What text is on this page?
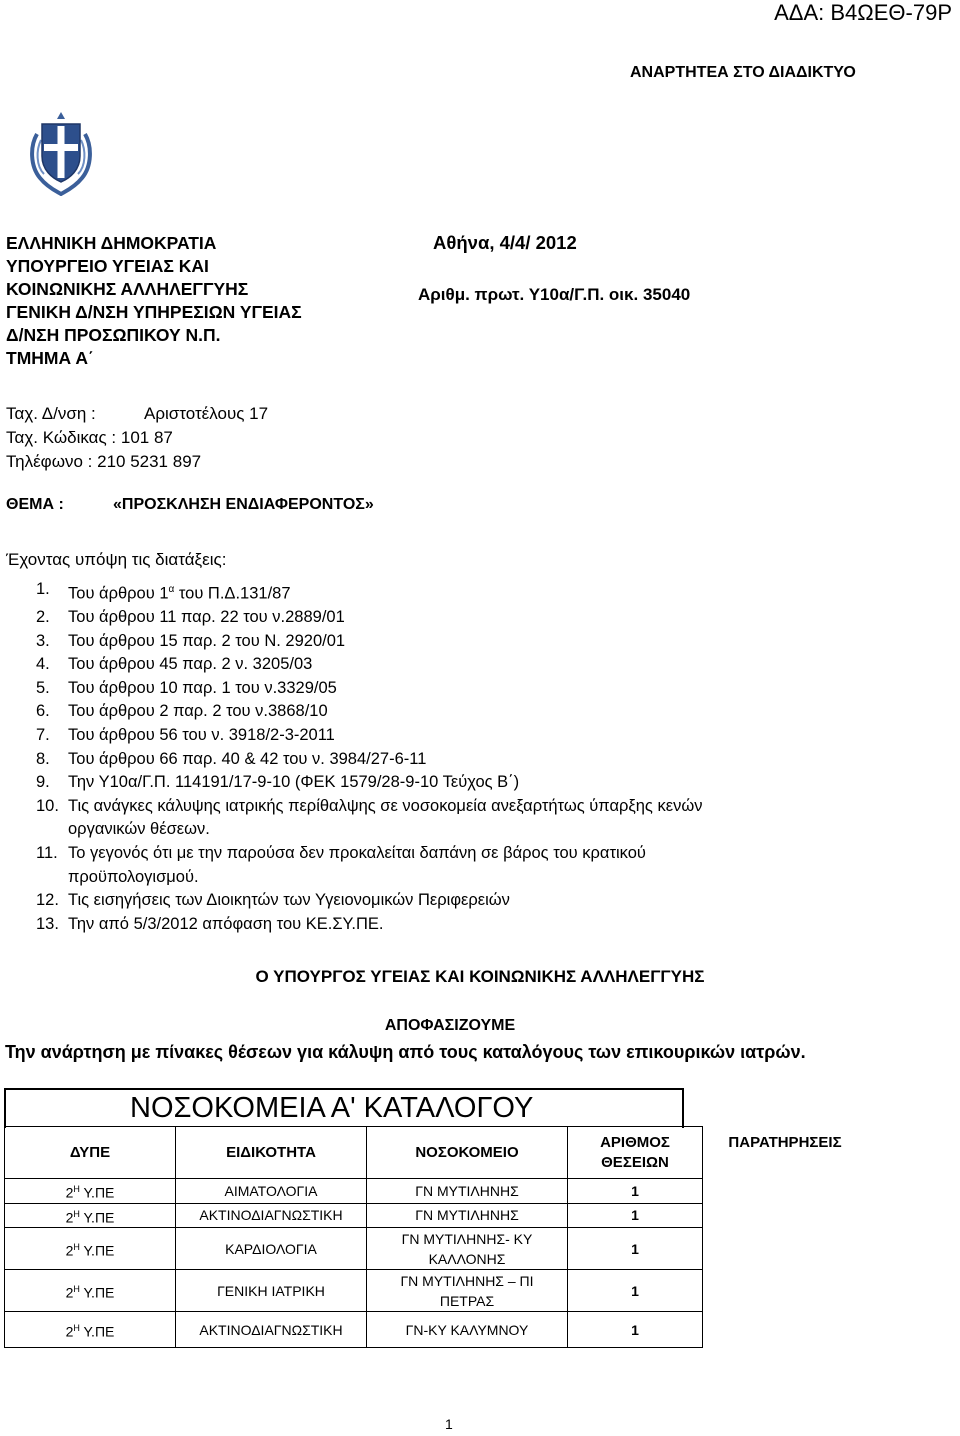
ΑΔΑ: Β4ΩΕΘ-79Ρ
ΑΝΑΡΤΗΤΕΑ ΣΤΟ ΔΙΑΔΙΚΤΥΟ
ΕΛΛΗΝΙΚΗ ΔΗΜΟΚΡΑΤΙΑ
ΥΠΟΥΡΓΕΙΟ ΥΓΕΙΑΣ ΚΑΙ
ΚΟΙΝΩΝΙΚΗΣ ΑΛΛΗΛΕΓΓΥΗΣ
ΓΕΝΙΚΗ Δ/ΝΣΗ ΥΠΗΡΕΣΙΩΝ ΥΓΕΙΑΣ
Δ/ΝΣΗ ΠΡΟΣΩΠΙΚΟΥ Ν.Π.
ΤΜΗΜΑ Α΄
Αθήνα, 4/4/ 2012
Αριθμ. πρωτ. Υ10α/Γ.Π. οικ. 35040
Ταχ. Δ/νση :	Αριστοτέλους 17
Ταχ. Κώδικας : 101 87
Τηλέφωνο : 210 5231 897
ΘΕΜΑ :	«ΠΡΟΣΚΛΗΣΗ ΕΝΔΙΑΦΕΡΟΝΤΟΣ»
Έχοντας υπόψη τις διατάξεις:
1.	Του άρθρου $1^\alpha$ του Π.Δ.131/87
2.	Του άρθρου 11 παρ. 22 του ν.2889/01
3.	Του άρθρου 15 παρ. 2 του Ν. 2920/01
4.	Του άρθρου 45 παρ. 2 ν. 3205/03
5.	Του άρθρου 10 παρ. 1 του ν.3329/05
6.	Του άρθρου 2 παρ. 2 του ν.3868/10
7.	Του άρθρου 56 του ν. 3918/2-3-2011
8.	Του άρθρου 66 παρ. 40 & 42 του ν. 3984/27-6-11
9.	Την Υ10α/Γ.Π. 114191/17-9-10 (ΦΕΚ 1579/28-9-10 Τεύχος Β΄)
10. Τις ανάγκες κάλυψης ιατρικής περίθαλψης σε νοσοκομεία ανεξαρτήτως ύπαρξης κενών
οργανικών θέσεων.
11. Το γεγονός ότι με την παρούσα δεν προκαλείται δαπάνη σε βάρος του κρατικού
προϋπολογισμού.
12. Τις εισηγήσεις των Διοικητών των Υγειονομικών Περιφερειών
13. Την από 5/3/2012 απόφαση του ΚΕ.ΣΥ.ΠΕ.
Ο ΥΠΟΥΡΓΟΣ ΥΓΕΙΑΣ ΚΑΙ ΚΟΙΝΩΝΙΚΗΣ ΑΛΛΗΛΕΓΓΥΗΣ
ΑΠΟΦΑΣΙΖΟΥΜΕ
Την ανάρτηση με πίνακες θέσεων για κάλυψη από τους καταλόγους των επικουρικών ιατρών.
ΝΟΣΟΚΟΜΕΙΑ Α' ΚΑΤΑΛΟΓΟΥ
ΔΥΠΕ	ΕΙΔΙΚΟΤΗΤΑ	ΝΟΣΟΚΟΜΕΙΟ	ΑΡΙΘΜΟΣ
ΘΕΣΕΙΩΝ	ΠΑΡΑΤΗΡΗΣΕΙΣ
$2^H$ Υ.ΠΕ	ΑΙΜΑΤΟΛΟΓΙΑ	ΓΝ ΜΥΤΙΛΗΝΗΣ	1	
$2^H$ Υ.ΠΕ	ΑΚΤΙΝΟΔΙΑΓΝΩΣΤΙΚΗ	ΓΝ ΜΥΤΙΛΗΝΗΣ	1	
$2^H$ Υ.ΠΕ	ΚΑΡΔΙΟΛΟΓΙΑ	ΓΝ ΜΥΤΙΛΗΝΗΣ- ΚΥ
ΚΑΛΛΟΝΗΣ	1	
$2^H$ Υ.ΠΕ	ΓΕΝΙΚΗ ΙΑΤΡΙΚΗ	ΓΝ ΜΥΤΙΛΗΝΗΣ – ΠΙ
ΠΕΤΡΑΣ	1	
$2^H$ Υ.ΠΕ	ΑΚΤΙΝΟΔΙΑΓΝΩΣΤΙΚΗ	ΓΝ-ΚΥ ΚΑΛΥΜΝΟΥ	1	
1
